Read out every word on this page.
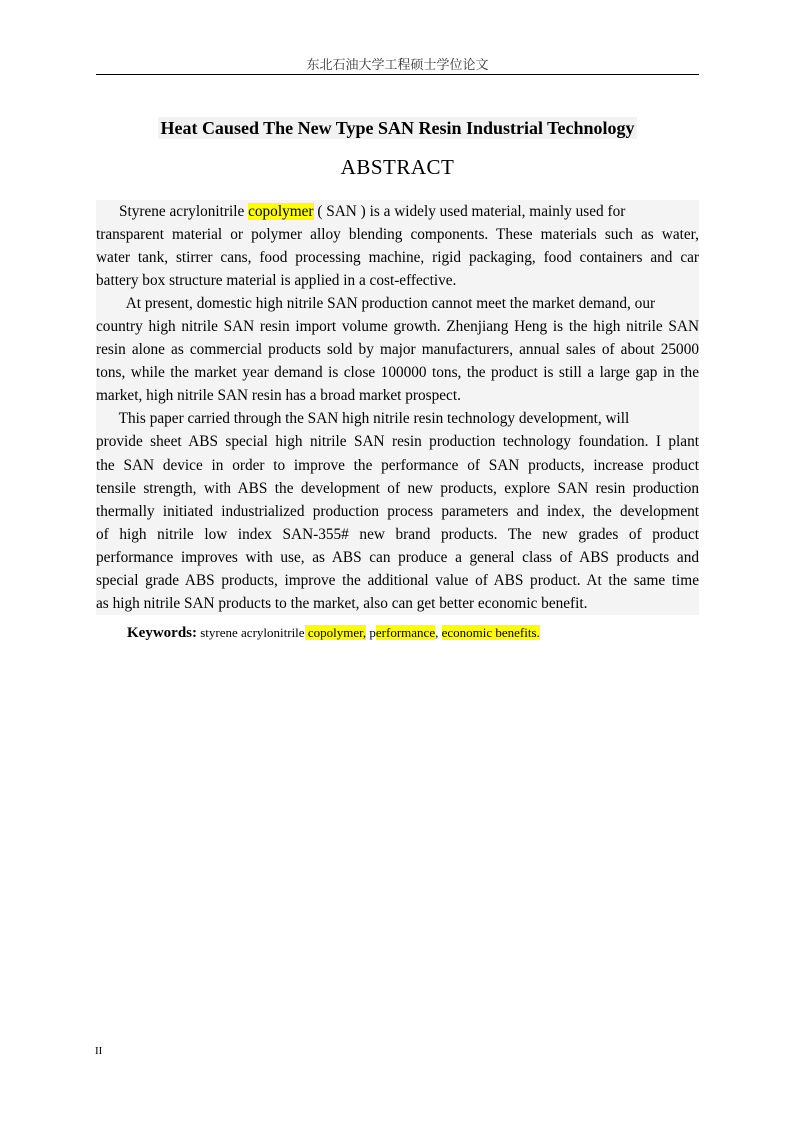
东北石油大学工程硕士学位论文
Heat Caused The New Type SAN Resin Industrial Technology
ABSTRACT

Styrene acrylonitrile copolymer ( SAN ) is a widely used material, mainly used for
transparent material or polymer alloy blending components. These materials such as water,
water tank, stirrer cans, food processing machine, rigid packaging, food containers and car
battery box structure material is applied in a cost-effective.

At present, domestic high nitrile SAN production cannot meet the market demand, our
country high nitrile SAN resin import volume growth. Zhenjiang Heng is the high nitrile SAN
resin alone as commercial products sold by major manufacturers, annual sales of about 25000
tons, while the market year demand is close 100000 tons, the product is still a large gap in the
market, high nitrile SAN resin has a broad market prospect.

This paper carried through the SAN high nitrile resin technology development, will
provide sheet ABS special high nitrile SAN resin production technology foundation. I plant
the SAN device in order to improve the performance of SAN products, increase product
tensile strength, with ABS the development of new products, explore SAN resin production
thermally initiated industrialized production process parameters and index, the development
of high nitrile low index SAN-355# new brand products. The new grades of product
performance improves with use, as ABS can produce a general class of ABS products and
special grade ABS products, improve the additional value of ABS product. At the same time
as high nitrile SAN products to the market, also can get better economic benefit.

Keywords: styrene acrylonitrile copolymer, performance, economic benefits.
II
